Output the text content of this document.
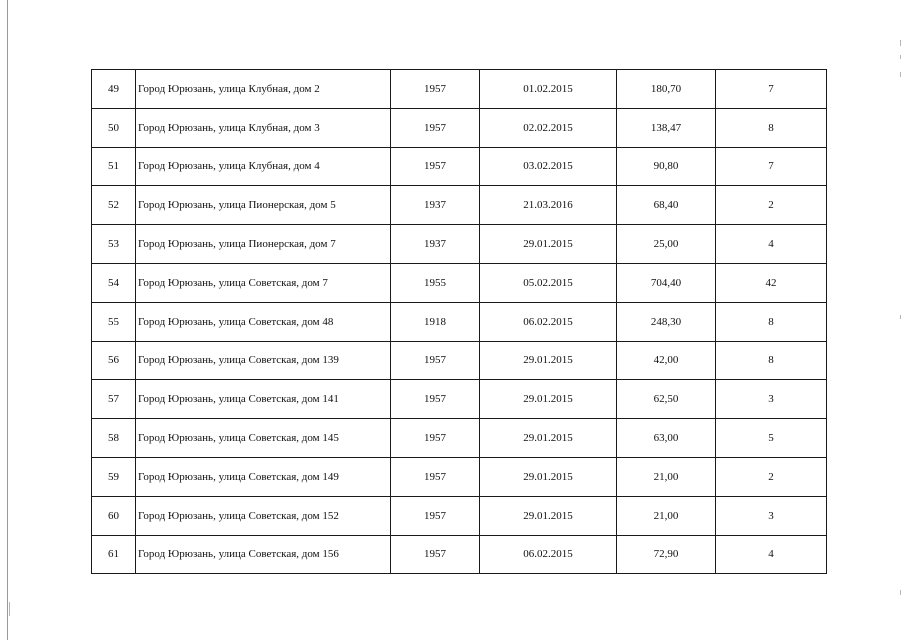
49	Город Юрюзань, улица Клубная, дом 2	1957	01.02.2015	180,70	7
50	Город Юрюзань, улица Клубная, дом 3	1957	02.02.2015	138,47	8
51	Город Юрюзань, улица Клубная, дом 4	1957	03.02.2015	90,80	7
52	Город Юрюзань, улица Пионерская, дом 5	1937	21.03.2016	68,40	2
53	Город Юрюзань, улица Пионерская, дом 7	1937	29.01.2015	25,00	4
54	Город Юрюзань, улица Советская, дом 7	1955	05.02.2015	704,40	42
55	Город Юрюзань, улица Советская, дом 48	1918	06.02.2015	248,30	8
56	Город Юрюзань, улица Советская, дом 139	1957	29.01.2015	42,00	8
57	Город Юрюзань, улица Советская, дом 141	1957	29.01.2015	62,50	3
58	Город Юрюзань, улица Советская, дом 145	1957	29.01.2015	63,00	5
59	Город Юрюзань, улица Советская, дом 149	1957	29.01.2015	21,00	2
60	Город Юрюзань, улица Советская, дом 152	1957	29.01.2015	21,00	3
61	Город Юрюзань, улица Советская, дом 156	1957	06.02.2015	72,90	4
